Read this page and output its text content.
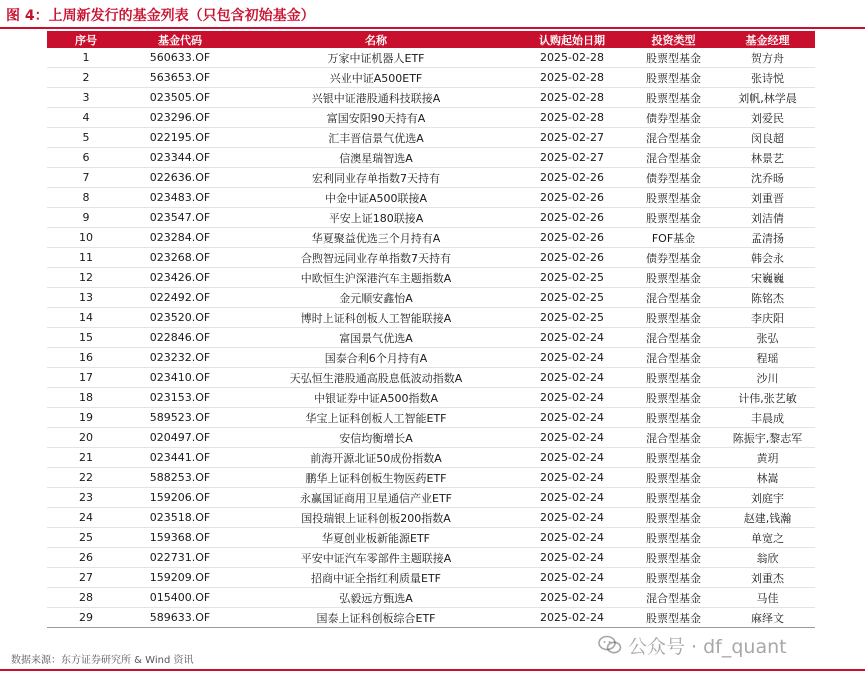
图 4：上周新发行的基金列表（只包含初始基金）
序号	基金代码	名称	认购起始日期	投资类型	基金经理
1	560633.OF	万家中证机器人ETF	2025-02-28	股票型基金	贺方舟
2	563653.OF	兴业中证A500ETF	2025-02-28	股票型基金	张诗悦
3	023505.OF	兴银中证港股通科技联接A	2025-02-28	股票型基金	刘帆,林学晨
4	023296.OF	富国安阳90天持有A	2025-02-28	债券型基金	刘爱民
5	022195.OF	汇丰晋信景气优选A	2025-02-27	混合型基金	闵良超
6	023344.OF	信澳星瑞智选A	2025-02-27	混合型基金	林景艺
7	022636.OF	宏利同业存单指数7天持有	2025-02-26	债券型基金	沈乔旸
8	023483.OF	中金中证A500联接A	2025-02-26	股票型基金	刘重晋
9	023547.OF	平安上证180联接A	2025-02-26	股票型基金	刘洁倩
10	023284.OF	华夏聚益优选三个月持有A	2025-02-26	FOF基金	孟清扬
11	023268.OF	合煦智远同业存单指数7天持有	2025-02-26	债券型基金	韩会永
12	023426.OF	中欧恒生沪深港汽车主题指数A	2025-02-25	股票型基金	宋巍巍
13	022492.OF	金元顺安鑫怡A	2025-02-25	混合型基金	陈铭杰
14	023520.OF	博时上证科创板人工智能联接A	2025-02-25	股票型基金	李庆阳
15	022846.OF	富国景气优选A	2025-02-24	混合型基金	张弘
16	023232.OF	国泰合利6个月持有A	2025-02-24	混合型基金	程瑶
17	023410.OF	天弘恒生港股通高股息低波动指数A	2025-02-24	股票型基金	沙川
18	023153.OF	中银证券中证A500指数A	2025-02-24	股票型基金	计伟,张艺敏
19	589523.OF	华宝上证科创板人工智能ETF	2025-02-24	股票型基金	丰晨成
20	020497.OF	安信均衡增长A	2025-02-24	混合型基金	陈振宇,黎志军
21	023441.OF	前海开源北证50成份指数A	2025-02-24	股票型基金	黄玥
22	588253.OF	鹏华上证科创板生物医药ETF	2025-02-24	股票型基金	林嵩
23	159206.OF	永赢国证商用卫星通信产业ETF	2025-02-24	股票型基金	刘庭宇
24	023518.OF	国投瑞银上证科创板200指数A	2025-02-24	股票型基金	赵建,钱瀚
25	159368.OF	华夏创业板新能源ETF	2025-02-24	股票型基金	单宽之
26	022731.OF	平安中证汽车零部件主题联接A	2025-02-24	股票型基金	翁欣
27	159209.OF	招商中证全指红利质量ETF	2025-02-24	股票型基金	刘重杰
28	015400.OF	弘毅远方甄选A	2025-02-24	混合型基金	马佳
29	589633.OF	国泰上证科创板综合ETF	2025-02-24	股票型基金	麻绎文
数据来源：东方证券研究所 & Wind 资讯
公众号 · df_quant
